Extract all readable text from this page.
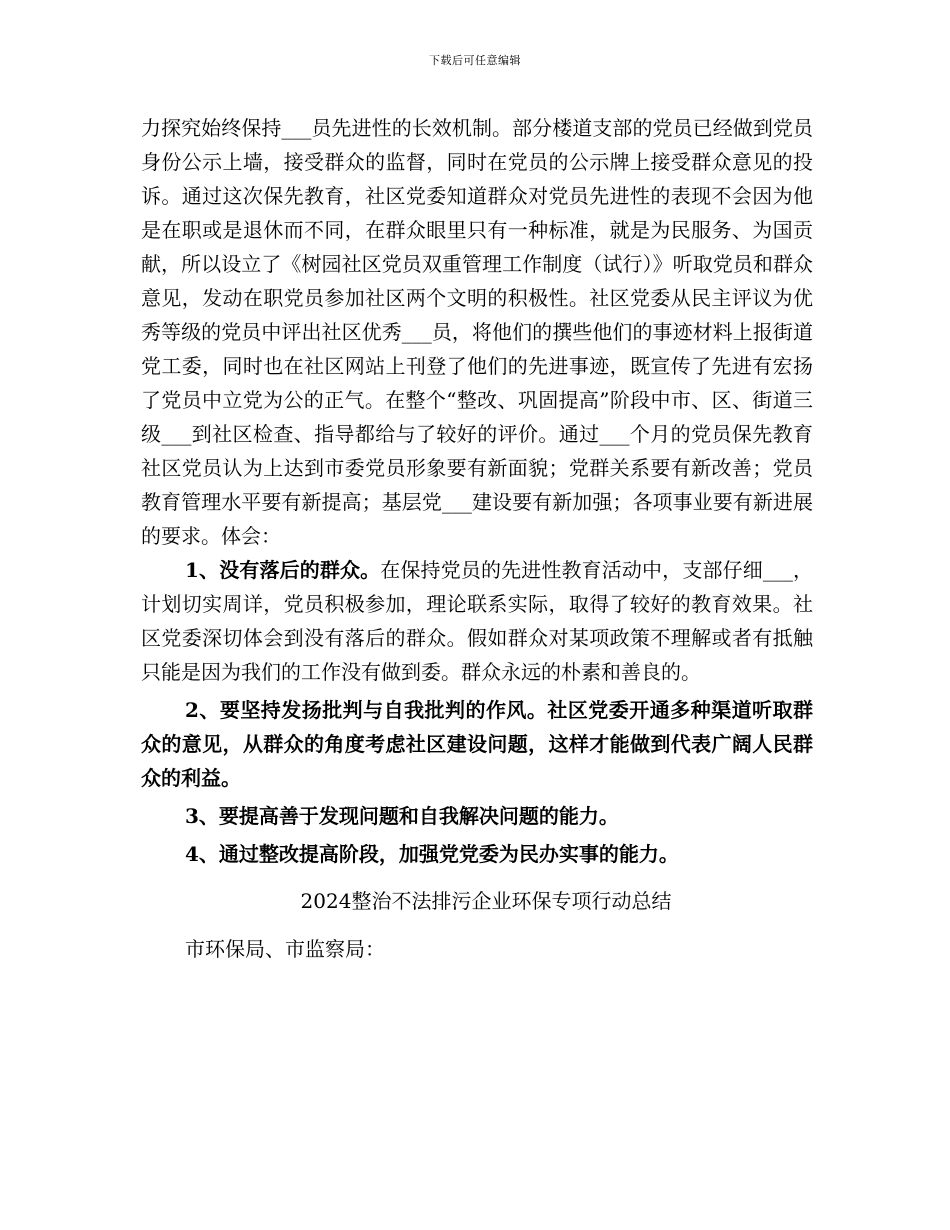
下载后可任意编辑

力探究始终保持___员先进性的长效机制。部分楼道支部的党员已经做到党员身份公示上墙，接受群众的监督，同时在党员的公示牌上接受群众意见的投诉。通过这次保先教育，社区党委知道群众对党员先进性的表现不会因为他是在职或是退休而不同，在群众眼里只有一种标准，就是为民服务、为国贡献，所以设立了《树园社区党员双重管理工作制度（试行）》听取党员和群众意见，发动在职党员参加社区两个文明的积极性。社区党委从民主评议为优秀等级的党员中评出社区优秀___员，将他们的撰些他们的事迹材料上报街道党工委，同时也在社区网站上刊登了他们的先进事迹，既宣传了先进有宏扬了党员中立党为公的正气。在整个“整改、巩固提高”阶段中市、区、街道三级___到社区检查、指导都给与了较好的评价。通过___个月的党员保先教育社区党员认为上达到市委党员形象要有新面貌；党群关系要有新改善；党员教育管理水平要有新提高；基层党___建设要有新加强；各项事业要有新进展的要求。体会：

1、没有落后的群众。在保持党员的先进性教育活动中，支部仔细___，计划切实周详，党员积极参加，理论联系实际，取得了较好的教育效果。社区党委深切体会到没有落后的群众。假如群众对某项政策不理解或者有抵触只能是因为我们的工作没有做到委。群众永远的朴素和善良的。

2、要坚持发扬批判与自我批判的作风。社区党委开通多种渠道听取群众的意见，从群众的角度考虑社区建设问题，这样才能做到代表广阔人民群众的利益。

3、要提高善于发现问题和自我解决问题的能力。

4、通过整改提高阶段，加强党党委为民办实事的能力。

2024整治不法排污企业环保专项行动总结

市环保局、市监察局：
